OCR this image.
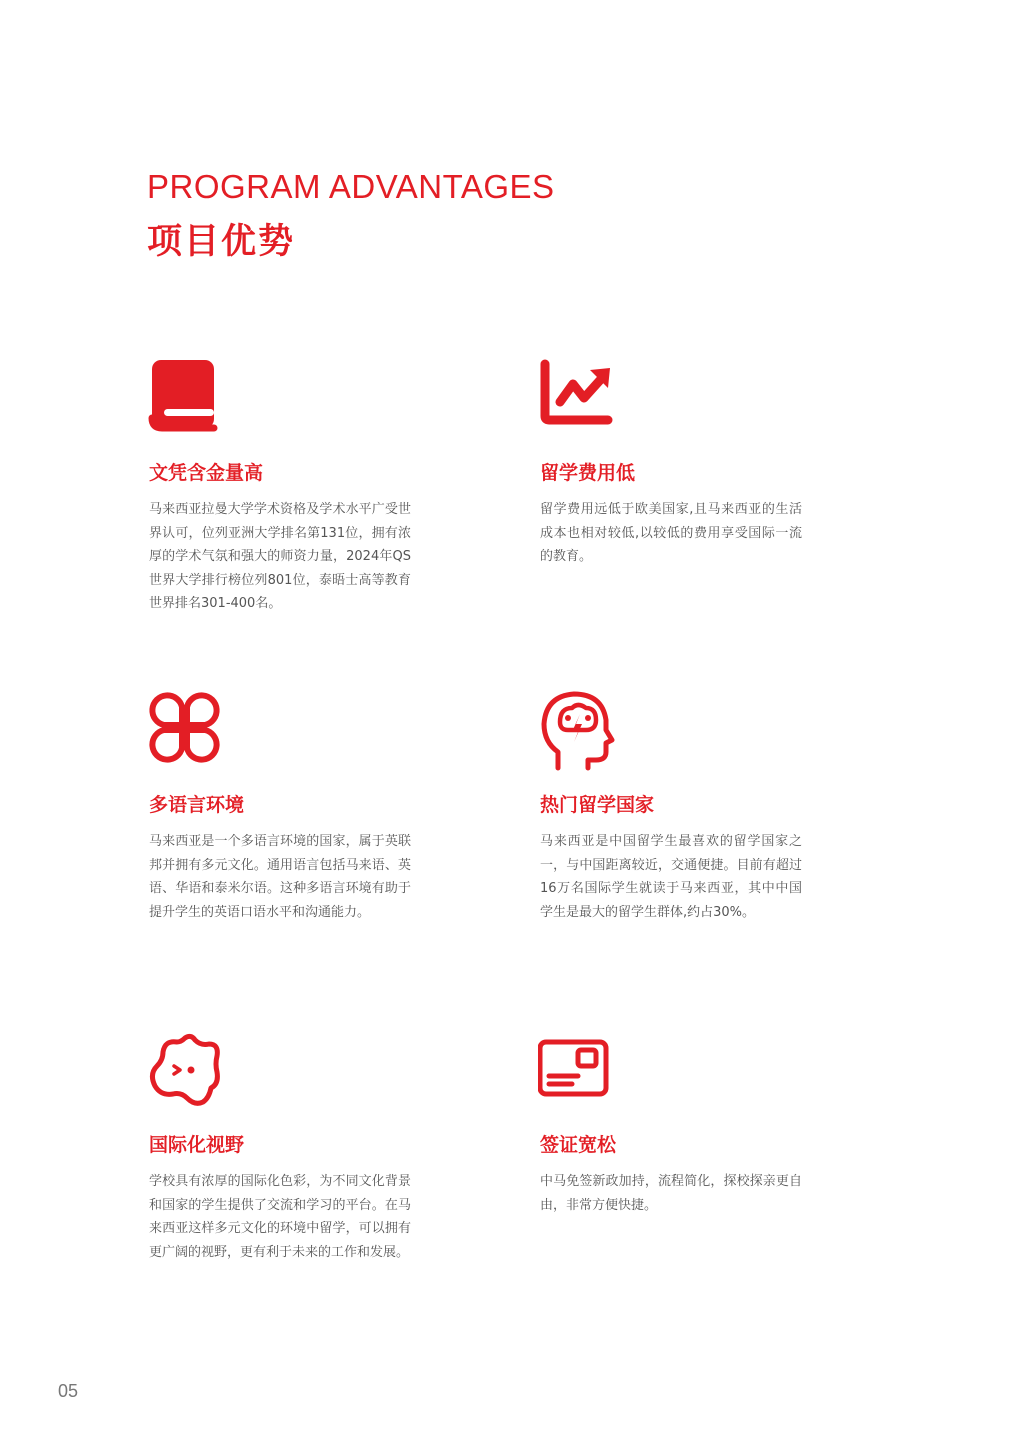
PROGRAM ADVANTAGES
项目优势
文凭含金量高
马来西亚拉曼大学学术资格及学术水平广受世界认可，位列亚洲大学排名第131位，拥有浓厚的学术气氛和强大的师资力量，2024年QS世界大学排行榜位列801位，泰晤士高等教育世界排名301-400名。
留学费用低
留学费用远低于欧美国家,且马来西亚的生活成本也相对较低,以较低的费用享受国际一流的教育。
多语言环境
马来西亚是一个多语言环境的国家，属于英联邦并拥有多元文化。通用语言包括马来语、英语、华语和泰米尔语。这种多语言环境有助于提升学生的英语口语水平和沟通能力。
热门留学国家
马来西亚是中国留学生最喜欢的留学国家之一，与中国距离较近，交通便捷。目前有超过16万名国际学生就读于马来西亚，其中中国学生是最大的留学生群体,约占30%。
国际化视野
学校具有浓厚的国际化色彩，为不同文化背景和国家的学生提供了交流和学习的平台。在马来西亚这样多元文化的环境中留学，可以拥有更广阔的视野，更有利于未来的工作和发展。
签证宽松
中马免签新政加持，流程简化，探校探亲更自由，非常方便快捷。
05
